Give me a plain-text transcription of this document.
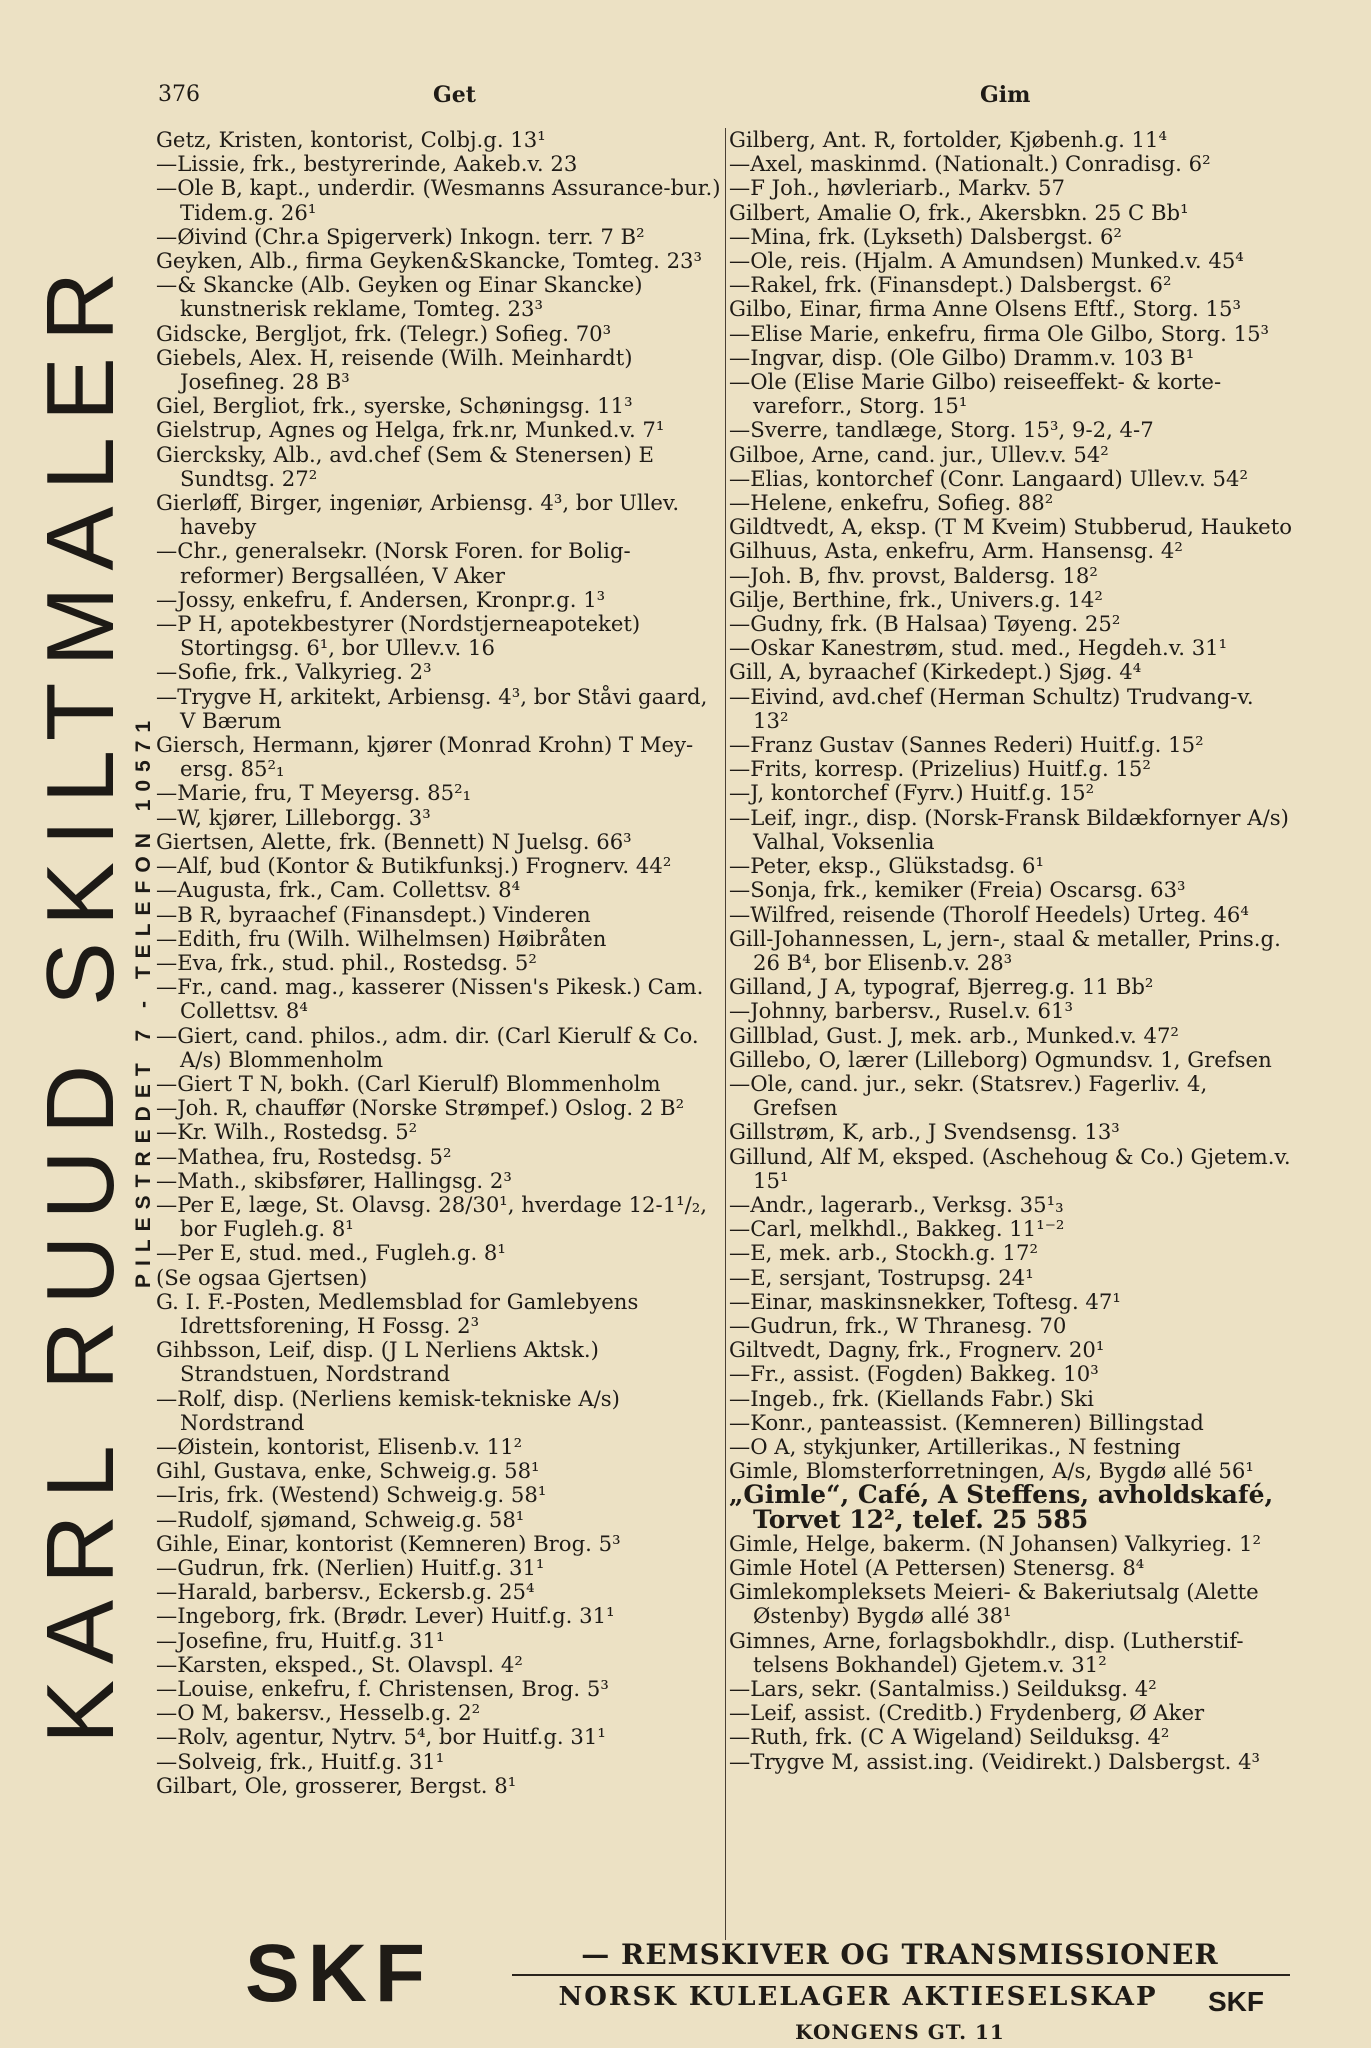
376	Get	Gim
KARL RUUD SKILTMALER
PILESTREDET 7 - TELEFON 10571
Getz, Kristen, kontorist, Colbj.g. 13¹
—Lissie, frk., bestyrerinde, Aakeb.v. 23
—Ole B, kapt., underdir. (Wesmanns Assurance-bur.) Tidem.g. 26¹
—Øivind (Chr.a Spigerverk) Inkogn. terr. 7 B²
Geyken, Alb., firma Geyken&Skancke, Tomteg. 23³
—& Skancke (Alb. Geyken og Einar Skancke) kunstnerisk reklame, Tomteg. 23³
Gidscke, Bergljot, frk. (Telegr.) Sofieg. 70³
Giebels, Alex. H, reisende (Wilh. Meinhardt) Josefineg. 28 B³
Giel, Bergliot, frk., syerske, Schøningsg. 11³
Gielstrup, Agnes og Helga, frk.nr, Munked.v. 7¹
Giercksky, Alb., avd.chef (Sem & Stenersen) E Sundtsg. 27²
Gierløff, Birger, ingeniør, Arbiensg. 4³, bor Ullev. haveby
—Chr., generalsekr. (Norsk Foren. for Bolig-reformer) Bergsalléen, V Aker
—Jossy, enkefru, f. Andersen, Kronpr.g. 1³
—P H, apotekbestyrer (Nordstjerneapoteket) Stortingsg. 6¹, bor Ullev.v. 16
—Sofie, frk., Valkyrieg. 2³
—Trygve H, arkitekt, Arbiensg. 4³, bor Ståvi gaard, V Bærum
Giersch, Hermann, kjører (Monrad Krohn) T Mey-ersg. 85²₁
—Marie, fru, T Meyersg. 85²₁
—W, kjører, Lilleborgg. 3³
Giertsen, Alette, frk. (Bennett) N Juelsg. 66³
—Alf, bud (Kontor & Butikfunksj.) Frognerv. 44²
—Augusta, frk., Cam. Collettsv. 8⁴
—B R, byraachef (Finansdept.) Vinderen
—Edith, fru (Wilh. Wilhelmsen) Høibråten
—Eva, frk., stud. phil., Rostedsg. 5²
—Fr., cand. mag., kasserer (Nissen's Pikesk.) Cam. Collettsv. 8⁴
—Giert, cand. philos., adm. dir. (Carl Kierulf & Co. A/s) Blommenholm
—Giert T N, bokh. (Carl Kierulf) Blommenholm
—Joh. R, chauffør (Norske Strømpef.) Oslog. 2 B²
—Kr. Wilh., Rostedsg. 5²
—Mathea, fru, Rostedsg. 5²
—Math., skibsfører, Hallingsg. 2³
—Per E, læge, St. Olavsg. 28/30¹, hverdage 12-1¹/₂, bor Fugleh.g. 8¹
—Per E, stud. med., Fugleh.g. 8¹
(Se ogsaa Gjertsen)
G. I. F.-Posten, Medlemsblad for Gamlebyens Idrettsforening, H Fossg. 2³
Gihbsson, Leif, disp. (J L Nerliens Aktsk.) Strandstuen, Nordstrand
—Rolf, disp. (Nerliens kemisk-tekniske A/s) Nordstrand
—Øistein, kontorist, Elisenb.v. 11²
Gihl, Gustava, enke, Schweig.g. 58¹
—Iris, frk. (Westend) Schweig.g. 58¹
—Rudolf, sjømand, Schweig.g. 58¹
Gihle, Einar, kontorist (Kemneren) Brog. 5³
—Gudrun, frk. (Nerlien) Huitf.g. 31¹
—Harald, barbersv., Eckersb.g. 25⁴
—Ingeborg, frk. (Brødr. Lever) Huitf.g. 31¹
—Josefine, fru, Huitf.g. 31¹
—Karsten, eksped., St. Olavspl. 4²
—Louise, enkefru, f. Christensen, Brog. 5³
—O M, bakersv., Hesselb.g. 2²
—Rolv, agentur, Nytrv. 5⁴, bor Huitf.g. 31¹
—Solveig, frk., Huitf.g. 31¹
Gilbart, Ole, grosserer, Bergst. 8¹
Gilberg, Ant. R, fortolder, Kjøbenh.g. 11⁴
—Axel, maskinmd. (Nationalt.) Conradisg. 6²
—F Joh., høvleriarb., Markv. 57
Gilbert, Amalie O, frk., Akersbkn. 25 C Bb¹
—Mina, frk. (Lykseth) Dalsbergst. 6²
—Ole, reis. (Hjalm. A Amundsen) Munked.v. 45⁴
—Rakel, frk. (Finansdept.) Dalsbergst. 6²
Gilbo, Einar, firma Anne Olsens Eftf., Storg. 15³
—Elise Marie, enkefru, firma Ole Gilbo, Storg. 15³
—Ingvar, disp. (Ole Gilbo) Dramm.v. 103 B¹
—Ole (Elise Marie Gilbo) reiseeffekt- & korte-vareforr., Storg. 15¹
—Sverre, tandlæge, Storg. 15³, 9-2, 4-7
Gilboe, Arne, cand. jur., Ullev.v. 54²
—Elias, kontorchef (Conr. Langaard) Ullev.v. 54²
—Helene, enkefru, Sofieg. 88²
Gildtvedt, A, eksp. (T M Kveim) Stubberud, Hauketo
Gilhuus, Asta, enkefru, Arm. Hansensg. 4²
—Joh. B, fhv. provst, Baldersg. 18²
Gilje, Berthine, frk., Univers.g. 14²
—Gudny, frk. (B Halsaa) Tøyeng. 25²
—Oskar Kanestrøm, stud. med., Hegdeh.v. 31¹
Gill, A, byraachef (Kirkedept.) Sjøg. 4⁴
—Eivind, avd.chef (Herman Schultz) Trudvang-v. 13²
—Franz Gustav (Sannes Rederi) Huitf.g. 15²
—Frits, korresp. (Prizelius) Huitf.g. 15²
—J, kontorchef (Fyrv.) Huitf.g. 15²
—Leif, ingr., disp. (Norsk-Fransk Bildækfornyer A/s) Valhal, Voksenlia
—Peter, eksp., Glükstadsg. 6¹
—Sonja, frk., kemiker (Freia) Oscarsg. 63³
—Wilfred, reisende (Thorolf Heedels) Urteg. 46⁴
Gill-Johannessen, L, jern-, staal & metaller, Prins.g. 26 B⁴, bor Elisenb.v. 28³
Gilland, J A, typograf, Bjerreg.g. 11 Bb²
—Johnny, barbersv., Rusel.v. 61³
Gillblad, Gust. J, mek. arb., Munked.v. 47²
Gillebo, O, lærer (Lilleborg) Ogmundsv. 1, Grefsen
—Ole, cand. jur., sekr. (Statsrev.) Fagerliv. 4, Grefsen
Gillstrøm, K, arb., J Svendsensg. 13³
Gillund, Alf M, eksped. (Aschehoug & Co.) Gjetem.v. 15¹
—Andr., lagerarb., Verksg. 35¹₃
—Carl, melkhdl., Bakkeg. 11¹⁻²
—E, mek. arb., Stockh.g. 17²
—E, sersjant, Tostrupsg. 24¹
—Einar, maskinsnekker, Toftesg. 47¹
—Gudrun, frk., W Thranesg. 70
Giltvedt, Dagny, frk., Frognerv. 20¹
—Fr., assist. (Fogden) Bakkeg. 10³
—Ingeb., frk. (Kiellands Fabr.) Ski
—Konr., panteassist. (Kemneren) Billingstad
—O A, stykjunker, Artillerikas., N festning
Gimle, Blomsterforretningen, A/s, Bygdø allé 56¹
„Gimle“, Café, A Steffens, avholdskafé, Torvet 12², telef. 25 585
Gimle, Helge, bakerm. (N Johansen) Valkyrieg. 1²
Gimle Hotel (A Pettersen) Stenersg. 8⁴
Gimlekompleksets Meieri- & Bakeriutsalg (Alette Østenby) Bygdø allé 38¹
Gimnes, Arne, forlagsbokhdlr., disp. (Lutherstif-telsens Bokhandel) Gjetem.v. 31²
—Lars, sekr. (Santalmiss.) Seilduksg. 4²
—Leif, assist. (Creditb.) Frydenberg, Ø Aker
—Ruth, frk. (C A Wigeland) Seilduksg. 4²
—Trygve M, assist.ing. (Veidirekt.) Dalsbergst. 4³
SKF	— REMSKIVER OG TRANSMISSIONER
NORSK KULELAGER AKTIESELSKAP	SKF
KONGENS GT. 11
